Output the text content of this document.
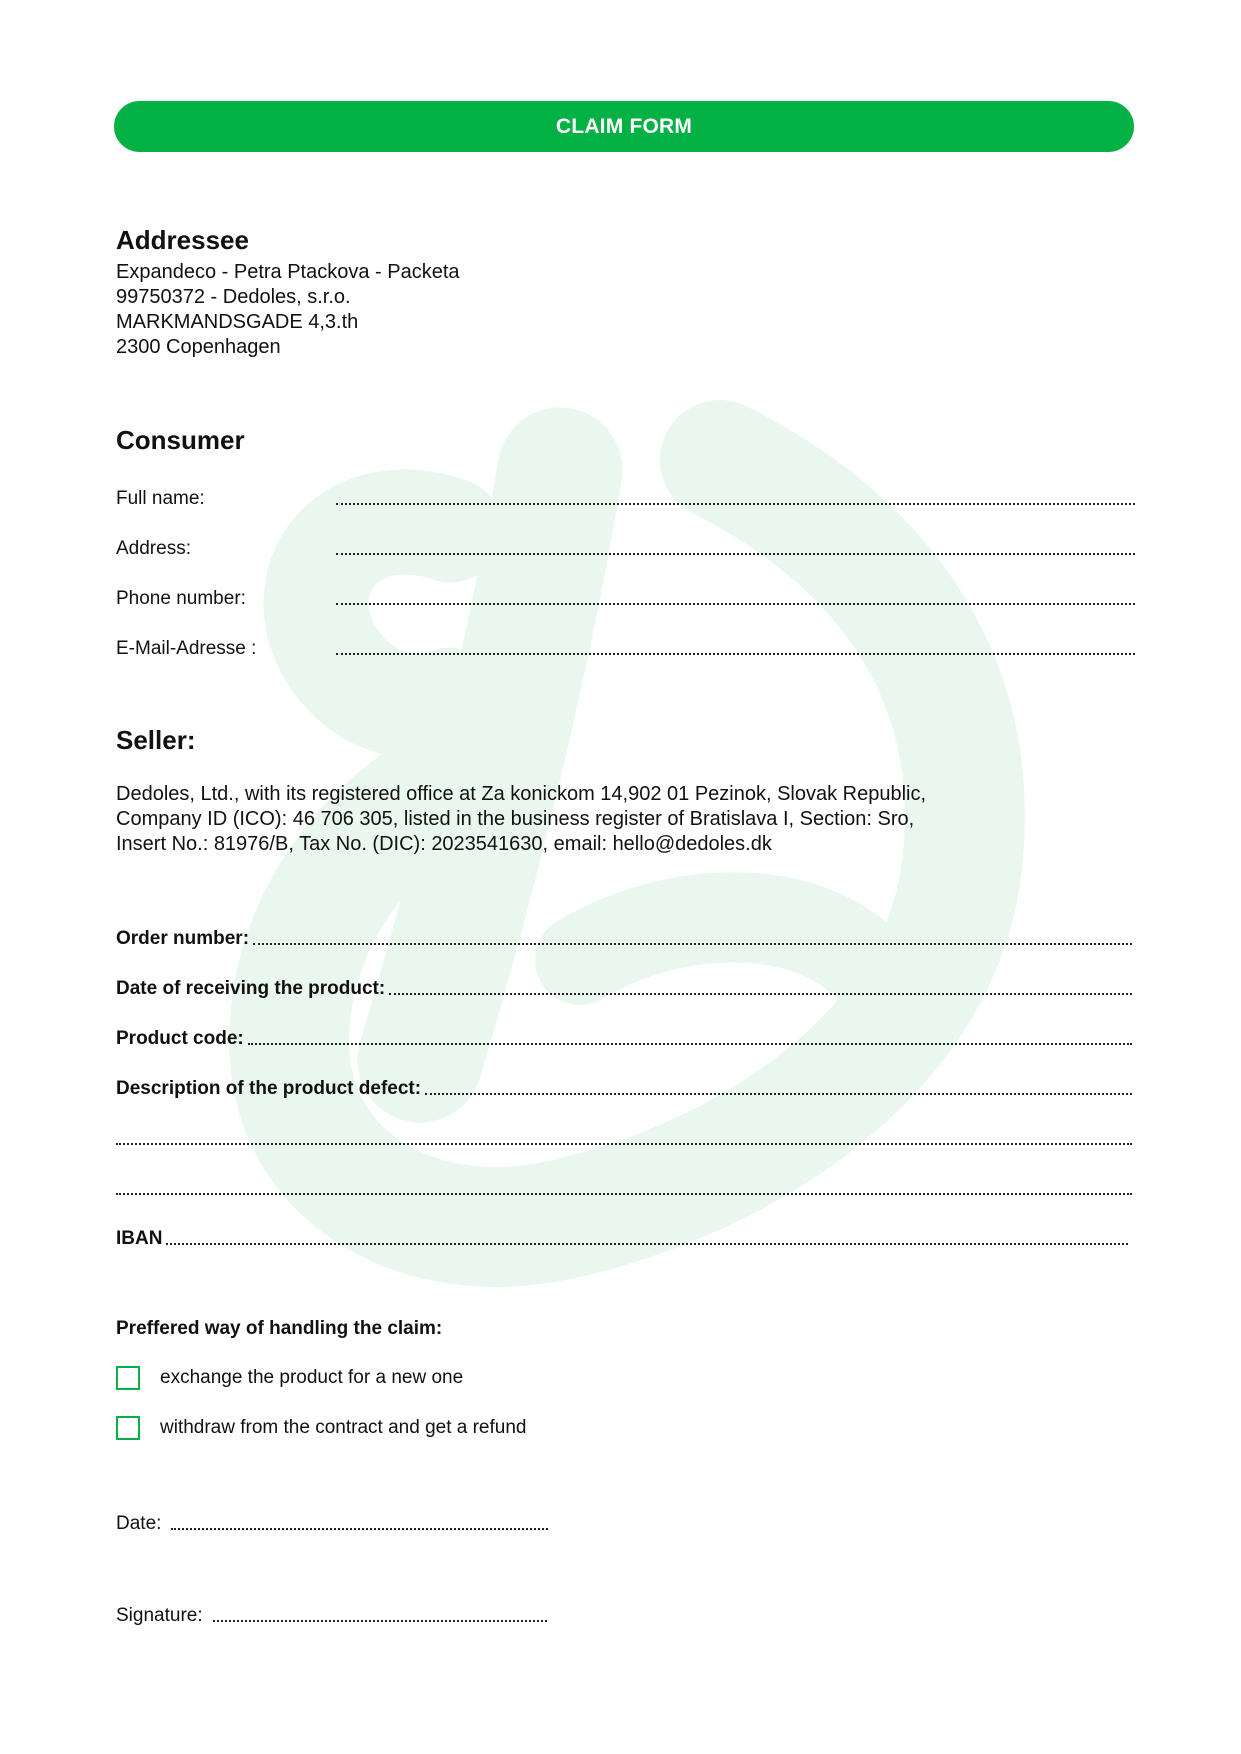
CLAIM FORM
Addressee
Expandeco - Petra Ptackova - Packeta
99750372 - Dedoles, s.r.o.
MARKMANDSGADE 4,3.th
2300 Copenhagen
Consumer
Full name:
Address:
Phone number:
E-Mail-Adresse :
Seller:
Dedoles, Ltd., with its registered office at Za konickom 14,902 01 Pezinok, Slovak Republic,
Company ID (ICO): 46 706 305, listed in the business register of Bratislava I, Section: Sro,
Insert No.: 81976/B, Tax No. (DIC): 2023541630, email: hello@dedoles.dk
Order number:
Date of receiving the product:
Product code:
Description of the product defect:
IBAN
Preffered way of handling the claim:
exchange the product for a new one
withdraw from the contract and get a refund
Date:
Signature:
